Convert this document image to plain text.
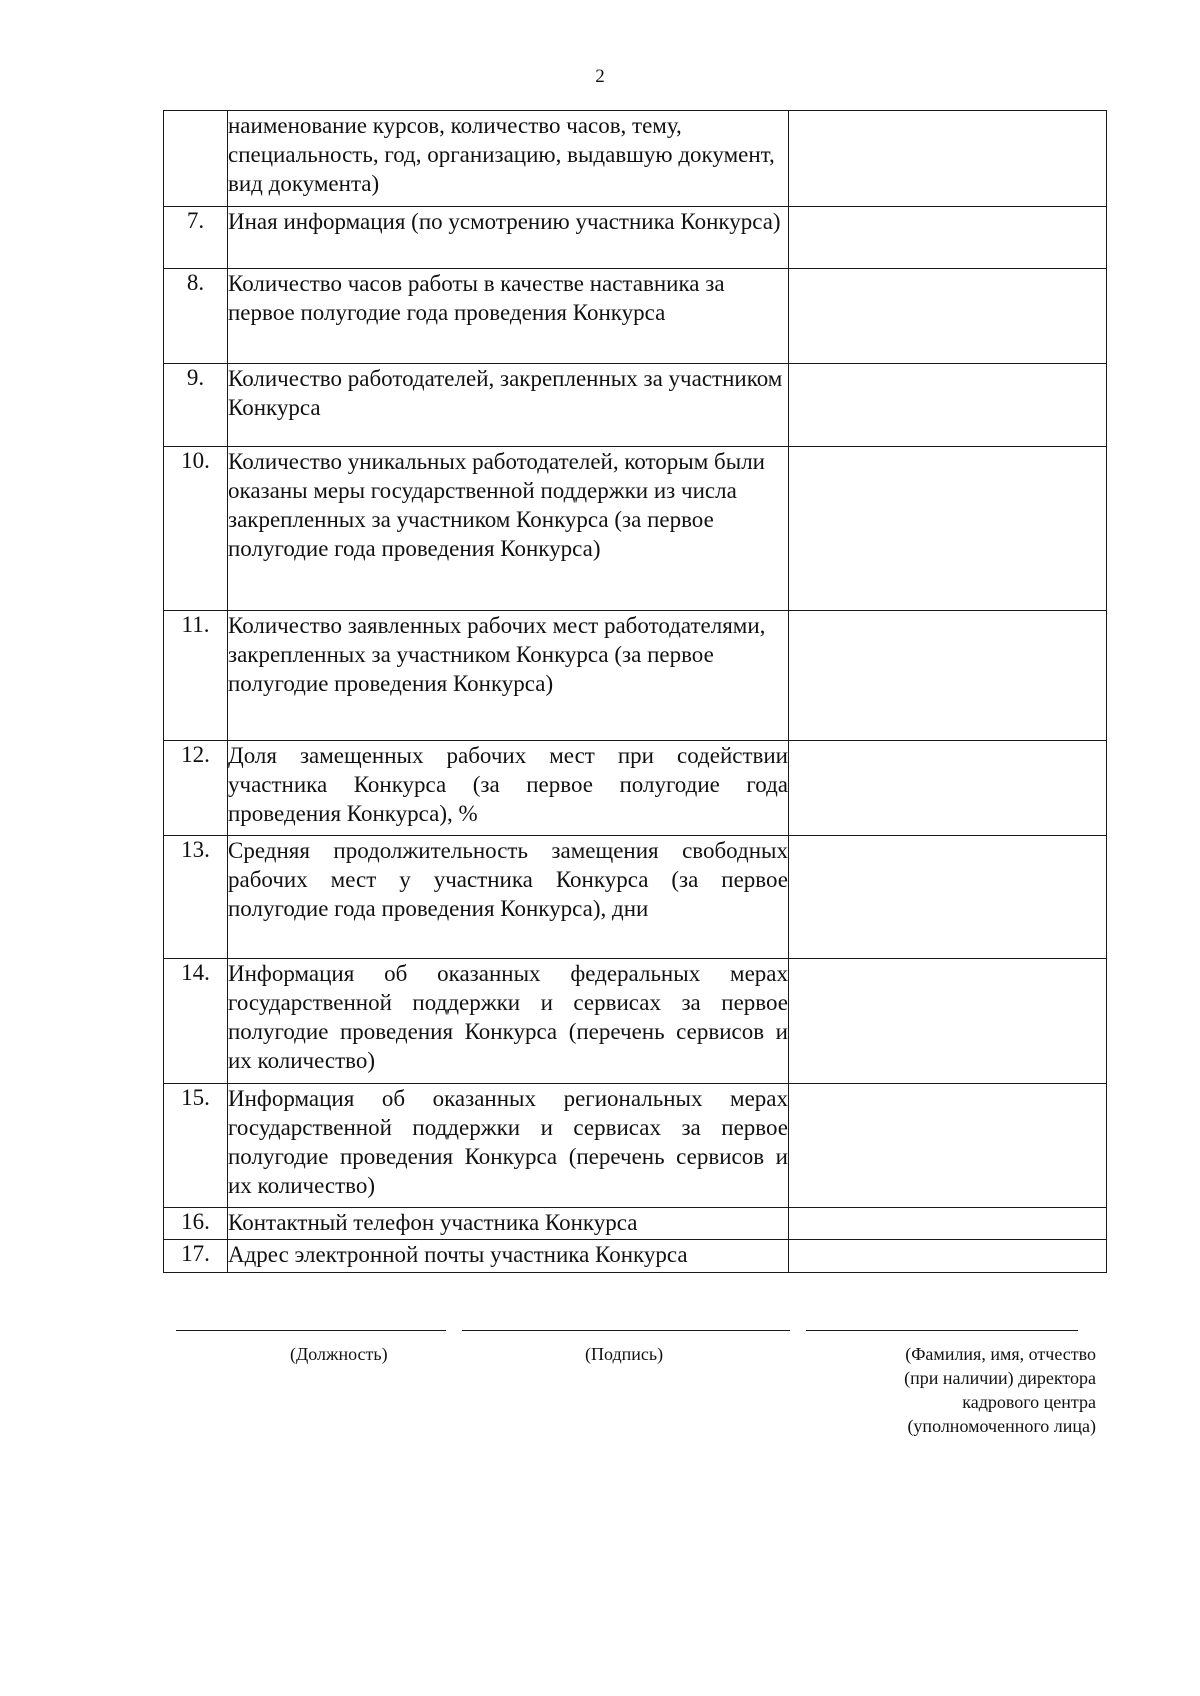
2
	наименование курсов, количество часов, тему, специальность, год, организацию, выдавшую документ, вид документа)	
7.	Иная информация (по усмотрению участника Конкурса)	
8.	Количество часов работы в качестве наставника за первое полугодие года проведения Конкурса	
9.	Количество работодателей, закрепленных за участником Конкурса	
10.	Количество уникальных работодателей, которым были оказаны меры государственной поддержки из числа закрепленных за участником Конкурса (за первое полугодие года проведения Конкурса)	
11.	Количество заявленных рабочих мест работодателями, закрепленных за участником Конкурса (за первое полугодие проведения Конкурса)	
12.	Доля замещенных рабочих мест при содействии участника Конкурса (за первое полугодие года проведения Конкурса), %	
13.	Средняя продолжительность замещения свободных рабочих мест у участника Конкурса (за первое полугодие года проведения Конкурса), дни	
14.	Информация об оказанных федеральных мерах государственной поддержки и сервисах за первое полугодие проведения Конкурса (перечень сервисов и их количество)	
15.	Информация об оказанных региональных мерах государственной поддержки и сервисах за первое полугодие проведения Конкурса (перечень сервисов и их количество)	
16.	Контактный телефон участника Конкурса	
17.	Адрес электронной почты участника Конкурса	
(Должность)	(Подпись)	(Фамилия, имя, отчество
(при наличии) директора
кадрового центра
(уполномоченного лица)
